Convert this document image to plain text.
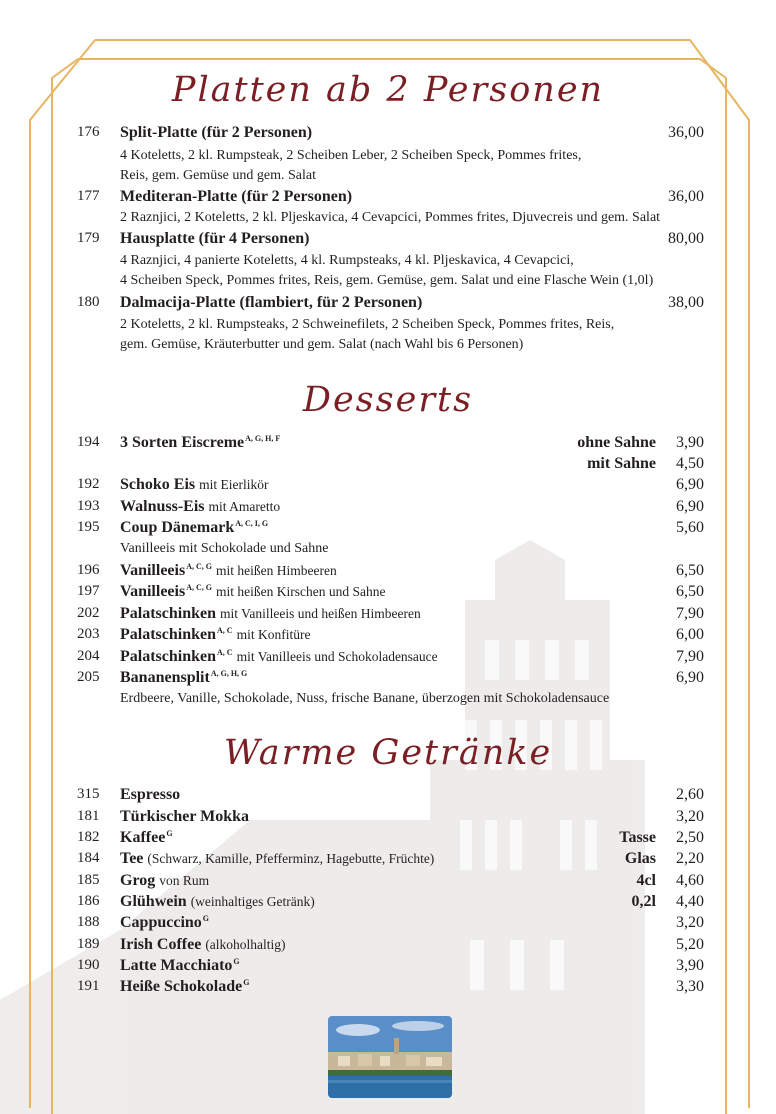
Platten ab 2 Personen
176 Split-Platte (für 2 Personen)	36,00
4 Koteletts, 2 kl. Rumpsteak, 2 Scheiben Leber, 2 Scheiben Speck, Pommes frites,
Reis, gem. Gemüse und gem. Salat
177 Mediteran-Platte (für 2 Personen)	36,00
2 Raznjici, 2 Koteletts, 2 kl. Pljeskavica, 4 Cevapcici, Pommes frites, Djuvecreis und gem. Salat
179 Hausplatte (für 4 Personen)	80,00
4 Raznjici, 4 panierte Koteletts, 4 kl. Rumpsteaks, 4 kl. Pljeskavica, 4 Cevapcici,
4 Scheiben Speck, Pommes frites, Reis, gem. Gemüse, gem. Salat und eine Flasche Wein (1,0l)
180 Dalmacija-Platte (flambiert, für 2 Personen)	38,00
2 Koteletts, 2 kl. Rumpsteaks, 2 Schweinefilets, 2 Scheiben Speck, Pommes frites, Reis,
gem. Gemüse, Kräuterbutter und gem. Salat (nach Wahl bis 6 Personen)
Desserts
194 3 Sorten Eiscreme$^{A, G, H, F}$	ohne Sahne 3,90
mit Sahne 4,50
192 Schoko Eis mit Eierlikör	6,90
193 Walnuss-Eis mit Amaretto	6,90
195 Coup Dänemark$^{A, C, I, G}$	5,60
Vanilleeis mit Schokolade und Sahne
196 Vanilleeis$^{A, C, G}$ mit heißen Himbeeren	6,50
197 Vanilleeis$^{A, C, G}$ mit heißen Kirschen und Sahne	6,50
202 Palatschinken mit Vanilleeis und heißen Himbeeren	7,90
203 Palatschinken$^{A, C}$ mit Konfitüre	6,00
204 Palatschinken$^{A, C}$ mit Vanilleeis und Schokoladensauce	7,90
205 Bananensplit$^{A, G, H, G}$	6,90
Erdbeere, Vanille, Schokolade, Nuss, frische Banane, überzogen mit Schokoladensauce
Warme Getränke
315 Espresso	2,60
181 Türkischer Mokka	3,20
182 Kaffee$^G$	Tasse 2,50
184 Tee (Schwarz, Kamille, Pfefferminz, Hagebutte, Früchte)	Glas 2,20
185 Grog von Rum	4cl 4,60
186 Glühwein (weinhaltiges Getränk)	0,2l 4,40
188 Cappuccino$^G$	3,20
189 Irish Coffee (alkoholhaltig)	5,20
190 Latte Macchiato$^G$	3,90
191 Heiße Schokolade$^G$	3,30
